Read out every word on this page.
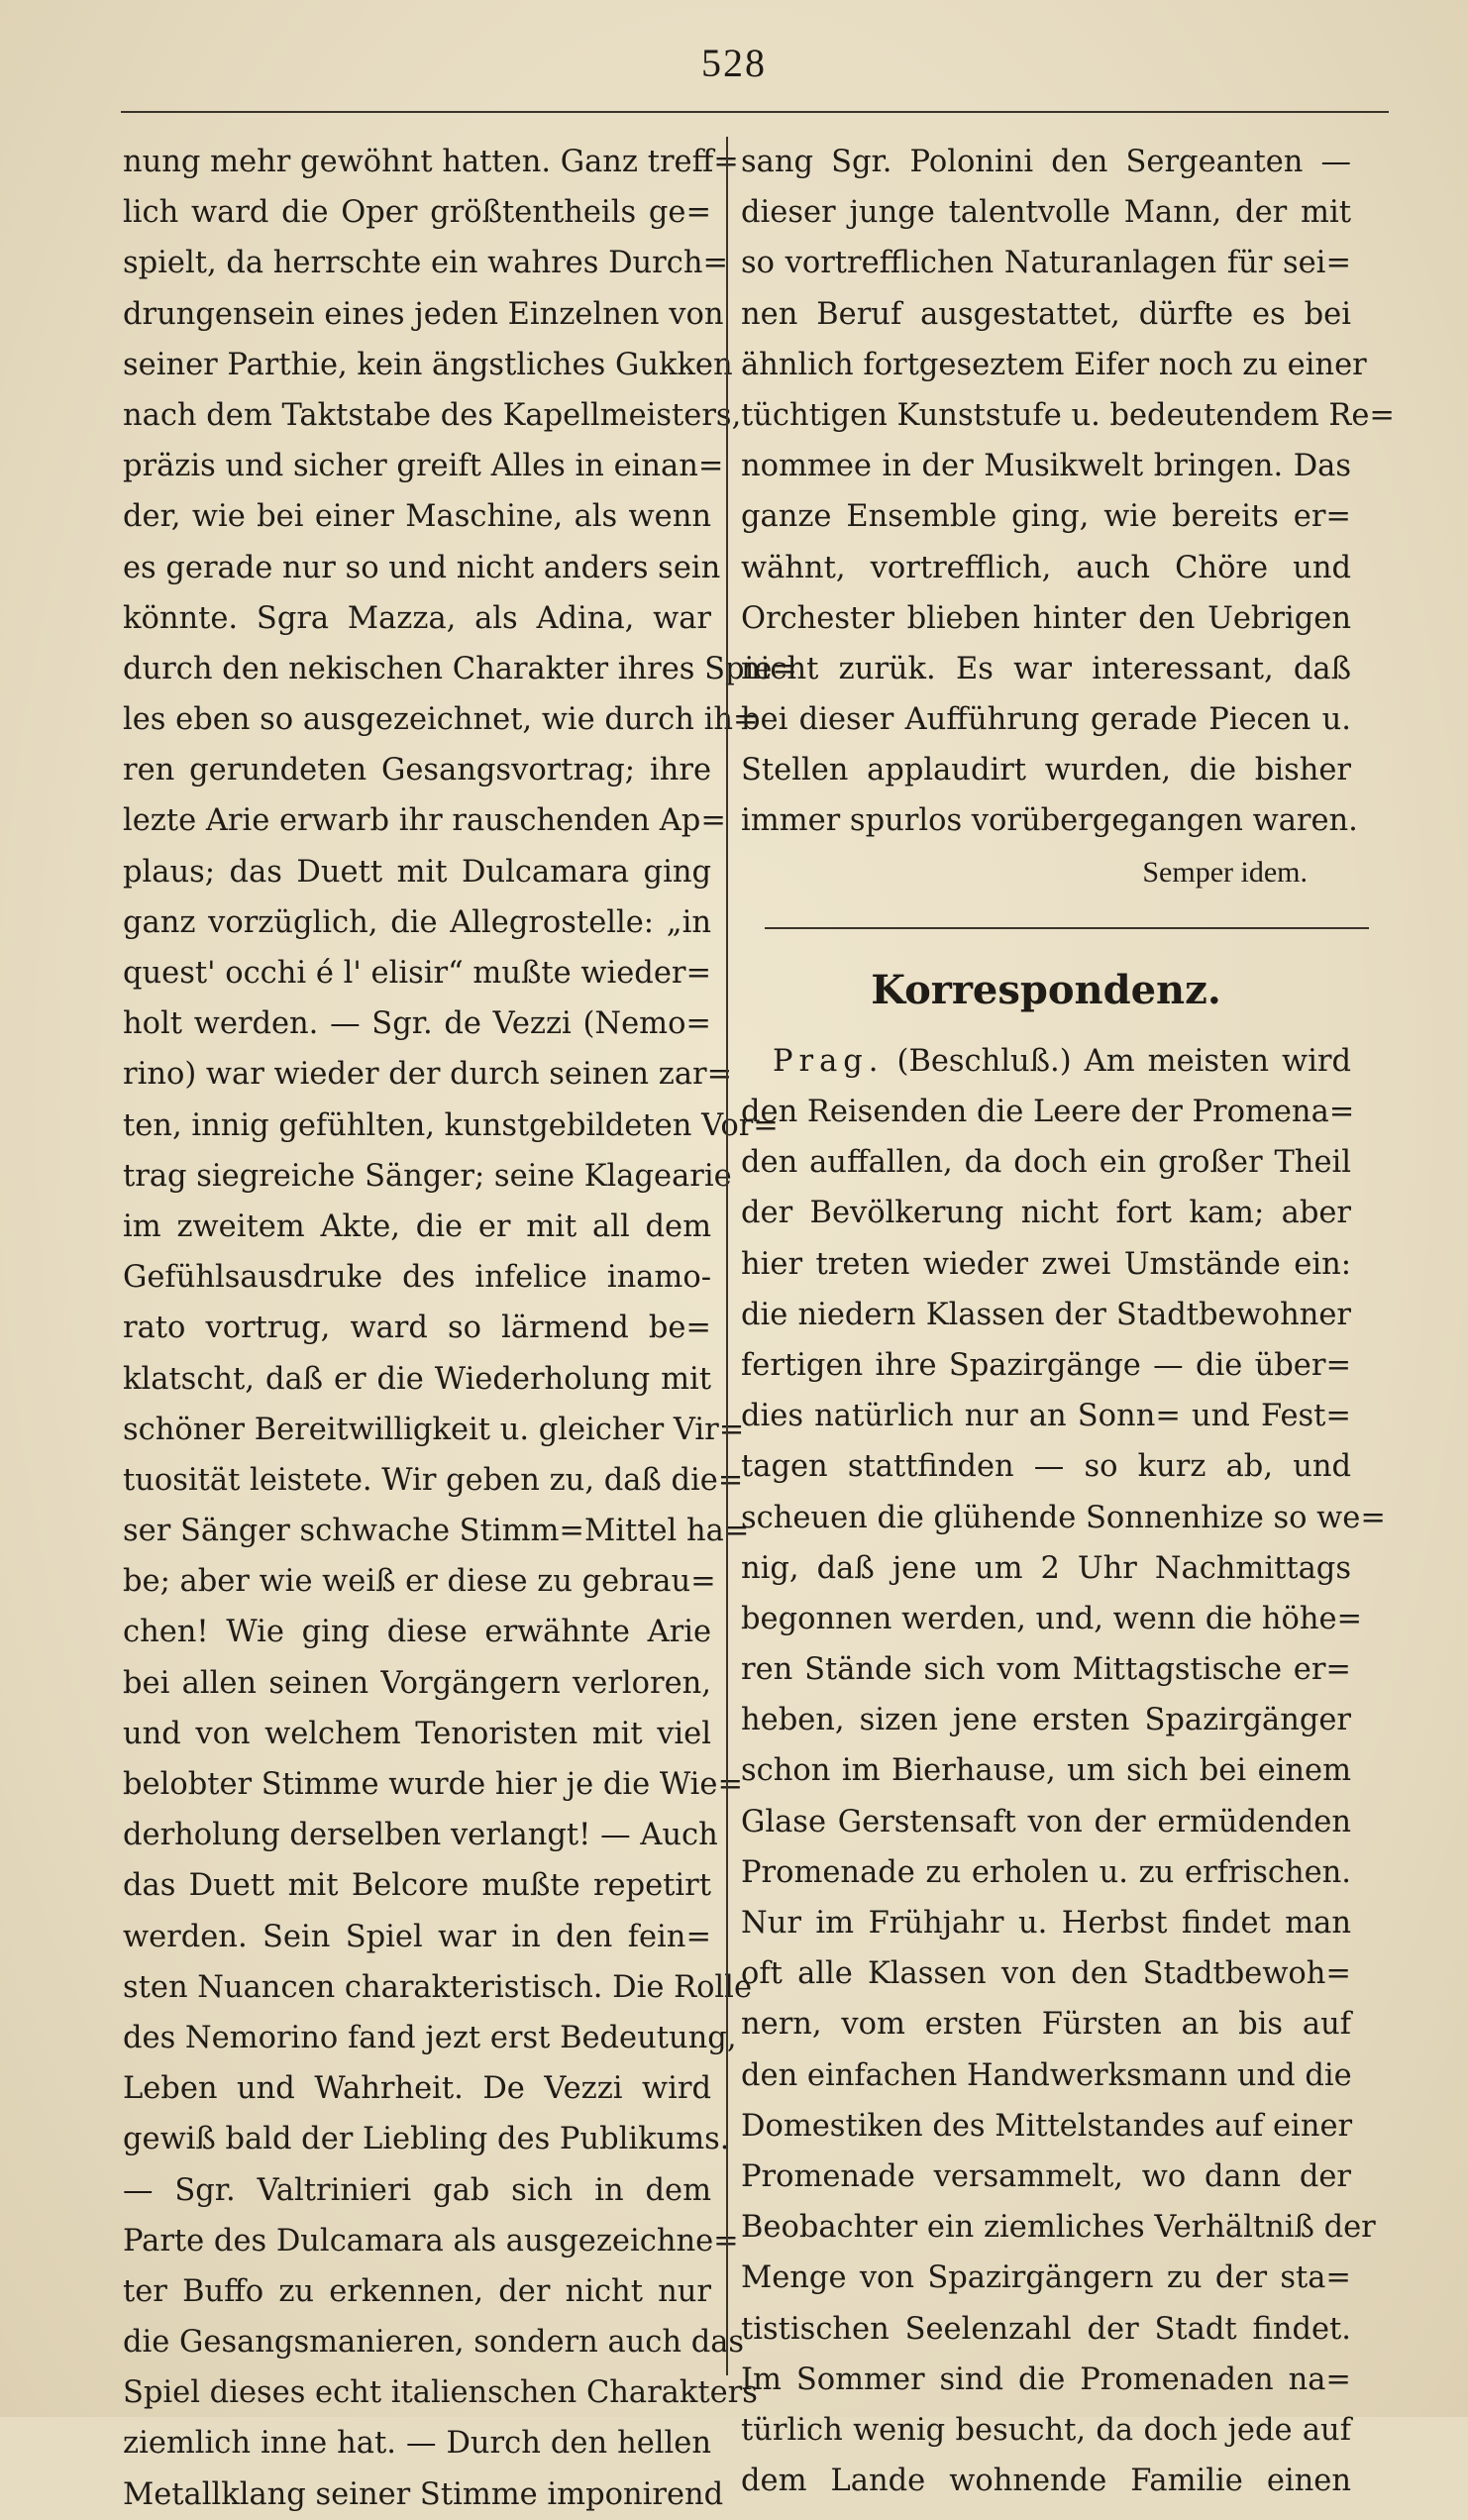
528
nung mehr gewöhnt hatten. Ganz treff=
lich ward die Oper größtentheils ge=
spielt, da herrschte ein wahres Durch=
drungensein eines jeden Einzelnen von
seiner Parthie, kein ängstliches Gukken
nach dem Taktstabe des Kapellmeisters,
präzis und sicher greift Alles in einan=
der, wie bei einer Maschine, als wenn
es gerade nur so und nicht anders sein
könnte. Sgra Mazza, als Adina, war
durch den nekischen Charakter ihres Spie=
les eben so ausgezeichnet, wie durch ih=
ren gerundeten Gesangsvortrag; ihre
lezte Arie erwarb ihr rauschenden Ap=
plaus; das Duett mit Dulcamara ging
ganz vorzüglich, die Allegrostelle: „in
quest' occhi é l' elisir“ mußte wieder=
holt werden. — Sgr. de Vezzi (Nemo=
rino) war wieder der durch seinen zar=
ten, innig gefühlten, kunstgebildeten Vor=
trag siegreiche Sänger; seine Klagearie
im zweitem Akte, die er mit all dem
Gefühlsausdruke des infelice inamo-
rato vortrug, ward so lärmend be=
klatscht, daß er die Wiederholung mit
schöner Bereitwilligkeit u. gleicher Vir=
tuosität leistete. Wir geben zu, daß die=
ser Sänger schwache Stimm=Mittel ha=
be; aber wie weiß er diese zu gebrau=
chen! Wie ging diese erwähnte Arie
bei allen seinen Vorgängern verloren,
und von welchem Tenoristen mit viel
belobter Stimme wurde hier je die Wie=
derholung derselben verlangt! — Auch
das Duett mit Belcore mußte repetirt
werden. Sein Spiel war in den fein=
sten Nuancen charakteristisch. Die Rolle
des Nemorino fand jezt erst Bedeutung,
Leben und Wahrheit. De Vezzi wird
gewiß bald der Liebling des Publikums.
— Sgr. Valtrinieri gab sich in dem
Parte des Dulcamara als ausgezeichne=
ter Buffo zu erkennen, der nicht nur
die Gesangsmanieren, sondern auch das
Spiel dieses echt italienschen Charakters
ziemlich inne hat. — Durch den hellen
Metallklang seiner Stimme imponirend
sang Sgr. Polonini den Sergeanten —
dieser junge talentvolle Mann, der mit
so vortrefflichen Naturanlagen für sei=
nen Beruf ausgestattet, dürfte es bei
ähnlich fortgeseztem Eifer noch zu einer
tüchtigen Kunststufe u. bedeutendem Re=
nommee in der Musikwelt bringen. Das
ganze Ensemble ging, wie bereits er=
wähnt, vortrefflich, auch Chöre und
Orchester blieben hinter den Uebrigen
nicht zurük. Es war interessant, daß
bei dieser Aufführung gerade Piecen u.
Stellen applaudirt wurden, die bisher
immer spurlos vorübergegangen waren.
Semper idem.
Korrespondenz.
Prag. (Beschluß.) Am meisten wird
den Reisenden die Leere der Promena=
den auffallen, da doch ein großer Theil
der Bevölkerung nicht fort kam; aber
hier treten wieder zwei Umstände ein:
die niedern Klassen der Stadtbewohner
fertigen ihre Spazirgänge — die über=
dies natürlich nur an Sonn= und Fest=
tagen stattfinden — so kurz ab, und
scheuen die glühende Sonnenhize so we=
nig, daß jene um 2 Uhr Nachmittags
begonnen werden, und, wenn die höhe=
ren Stände sich vom Mittagstische er=
heben, sizen jene ersten Spazirgänger
schon im Bierhause, um sich bei einem
Glase Gerstensaft von der ermüdenden
Promenade zu erholen u. zu erfrischen.
Nur im Frühjahr u. Herbst findet man
oft alle Klassen von den Stadtbewoh=
nern, vom ersten Fürsten an bis auf
den einfachen Handwerksmann und die
Domestiken des Mittelstandes auf einer
Promenade versammelt, wo dann der
Beobachter ein ziemliches Verhältniß der
Menge von Spazirgängern zu der sta=
tistischen Seelenzahl der Stadt findet.
Im Sommer sind die Promenaden na=
türlich wenig besucht, da doch jede auf
dem Lande wohnende Familie einen
